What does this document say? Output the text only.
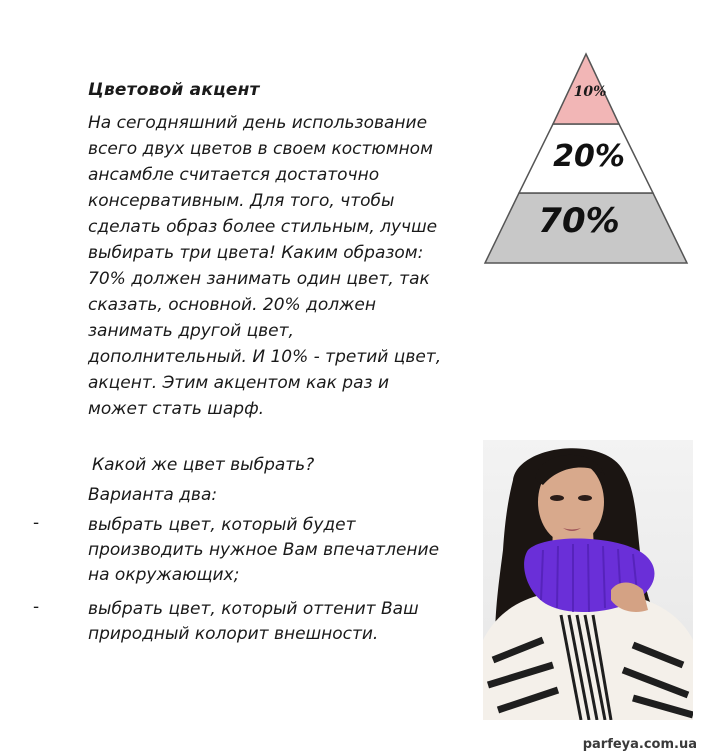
Цветовой акцент
На сегодняшний день использование
всего двух цветов в своем костюмном
ансамбле считается достаточно
консервативным. Для того, чтобы
сделать образ более стильным, лучше
выбирать три цвета! Каким образом:
70% должен занимать один цвет, так
сказать, основной. 20% должен
занимать другой цвет,
дополнительный. И 10% - третий цвет,
акцент. Этим акцентом как раз и
может стать шарф.
Какой же цвет выбрать?
Варианта два:
-	выбрать цвет, который будет
производить нужное Вам впечатление
на окружающих;
-	выбрать цвет, который оттенит Ваш
природный колорит внешности.
10%
20%
70%
parfeya.com.ua
